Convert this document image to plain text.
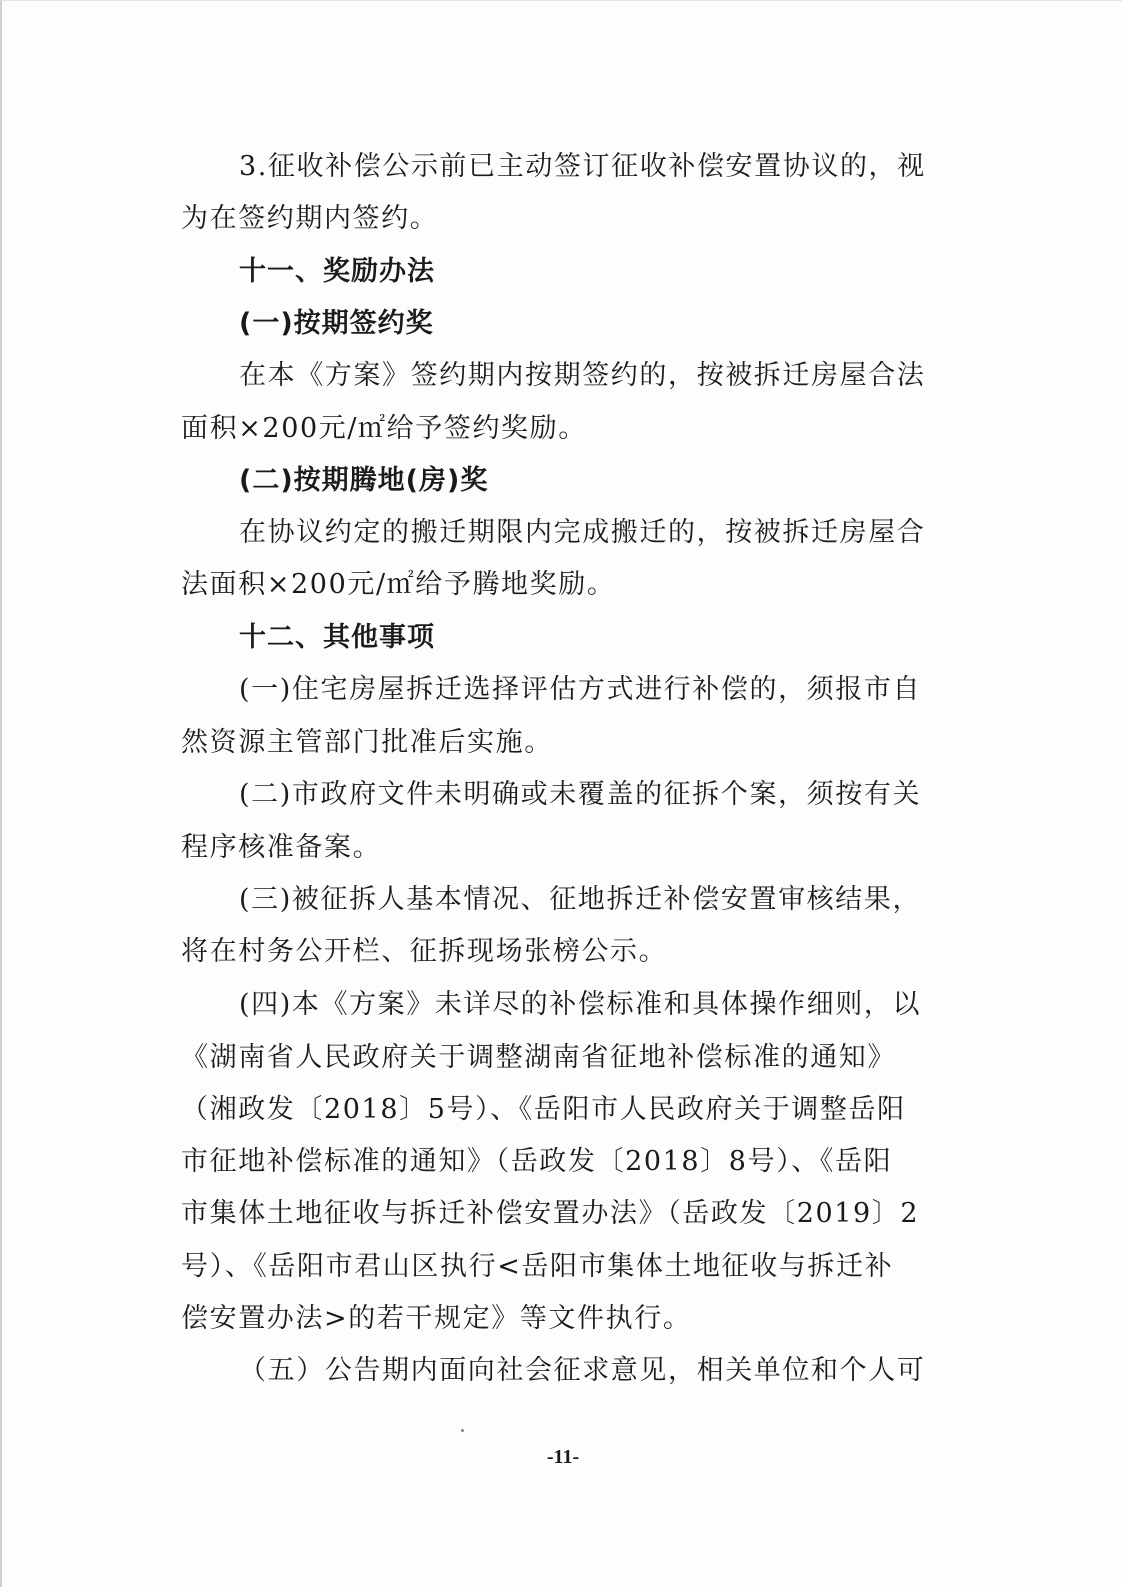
3.征收补偿公示前已主动签订征收补偿安置协议的，视
为在签约期内签约。
十一、奖励办法
(一)按期签约奖
在本《方案》签约期内按期签约的，按被拆迁房屋合法
面积×200元/㎡给予签约奖励。
(二)按期腾地(房)奖
在协议约定的搬迁期限内完成搬迁的，按被拆迁房屋合
法面积×200元/㎡给予腾地奖励。
十二、其他事项
(一)住宅房屋拆迁选择评估方式进行补偿的，须报市自
然资源主管部门批准后实施。
(二)市政府文件未明确或未覆盖的征拆个案，须按有关
程序核准备案。
(三)被征拆人基本情况、征地拆迁补偿安置审核结果，
将在村务公开栏、征拆现场张榜公示。
(四)本《方案》未详尽的补偿标准和具体操作细则，以
《湖南省人民政府关于调整湖南省征地补偿标准的通知》
（湘政发〔2018〕5号）、《岳阳市人民政府关于调整岳阳
市征地补偿标准的通知》（岳政发〔2018〕8号）、《岳阳
市集体土地征收与拆迁补偿安置办法》（岳政发〔2019〕2
号）、《岳阳市君山区执行<岳阳市集体土地征收与拆迁补
偿安置办法>的若干规定》等文件执行。
（五）公告期内面向社会征求意见，相关单位和个人可
-11-
